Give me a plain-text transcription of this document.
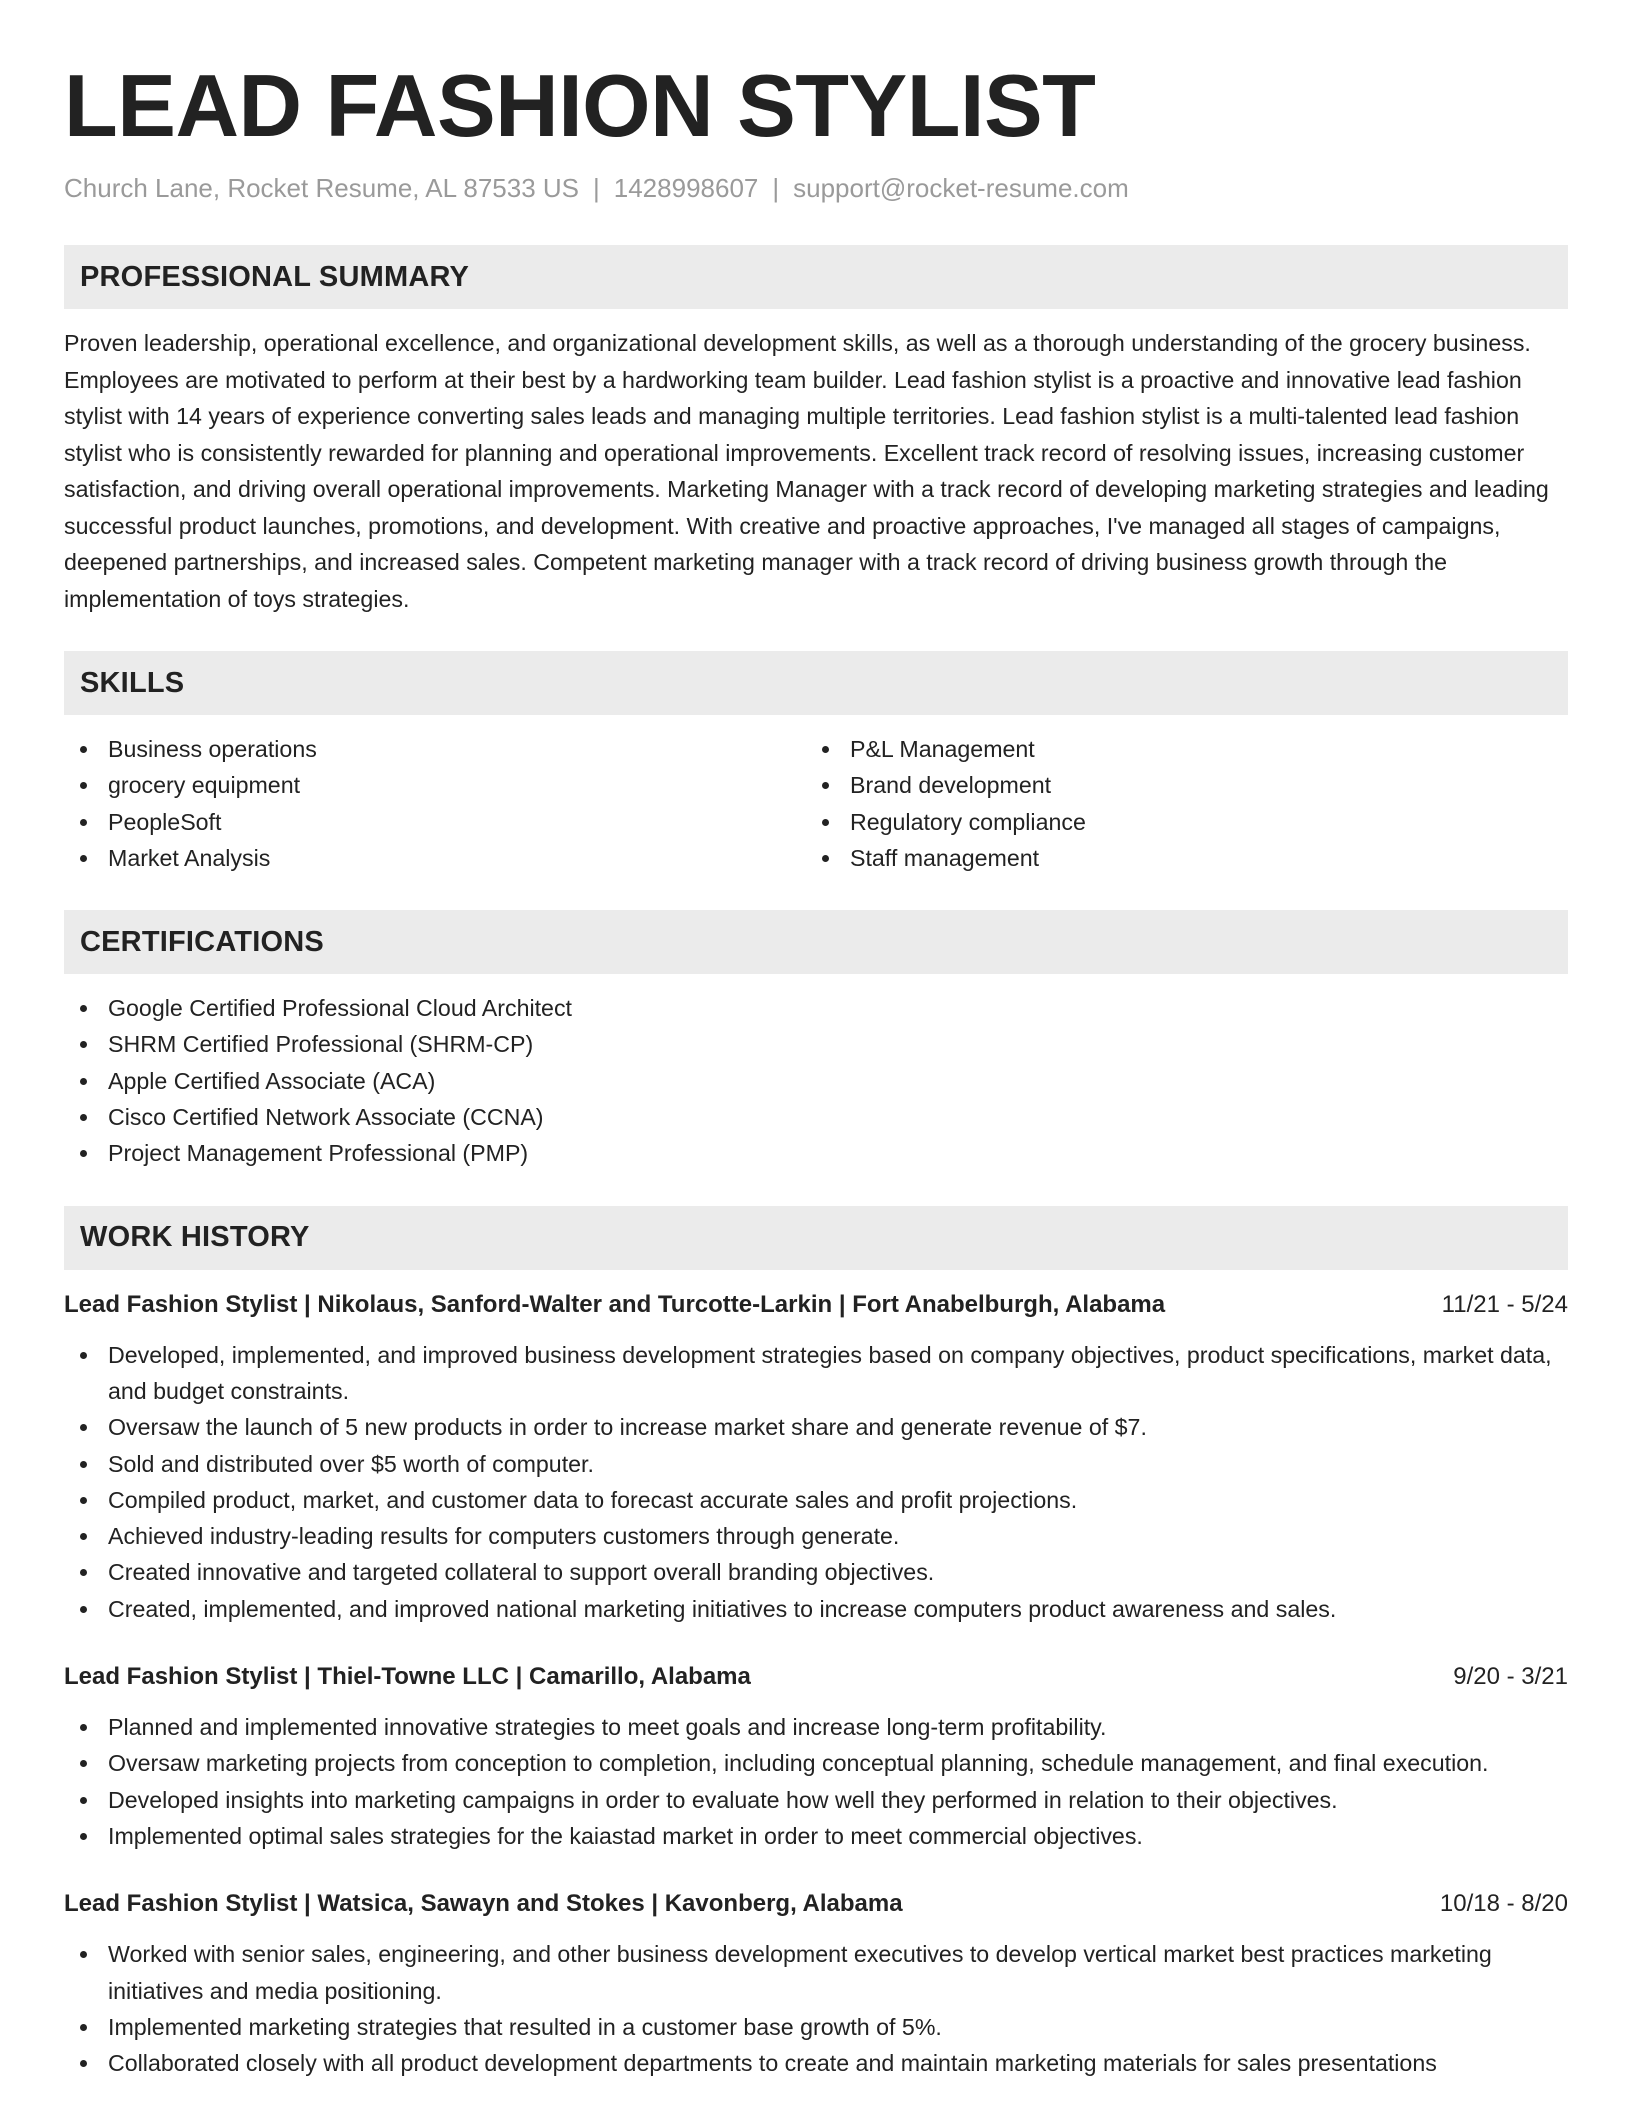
LEAD FASHION STYLIST
Church Lane, Rocket Resume, AL 87533 US | 1428998607 | support@rocket-resume.com
PROFESSIONAL SUMMARY

Proven leadership, operational excellence, and organizational development skills, as well as a thorough understanding of the grocery business. Employees are motivated to perform at their best by a hardworking team builder. Lead fashion stylist is a proactive and innovative lead fashion stylist with 14 years of experience converting sales leads and managing multiple territories. Lead fashion stylist is a multi-talented lead fashion stylist who is consistently rewarded for planning and operational improvements. Excellent track record of resolving issues, increasing customer satisfaction, and driving overall operational improvements. Marketing Manager with a track record of developing marketing strategies and leading successful product launches, promotions, and development. With creative and proactive approaches, I've managed all stages of campaigns, deepened partnerships, and increased sales. Competent marketing manager with a track record of driving business growth through the implementation of toys strategies.

SKILLS
Business operations
grocery equipment
PeopleSoft
Market Analysis
P&L Management
Brand development
Regulatory compliance
Staff management
CERTIFICATIONS
Google Certified Professional Cloud Architect
SHRM Certified Professional (SHRM-CP)
Apple Certified Associate (ACA)
Cisco Certified Network Associate (CCNA)
Project Management Professional (PMP)
WORK HISTORY
Lead Fashion Stylist | Nikolaus, Sanford-Walter and Turcotte-Larkin | Fort Anabelburgh, Alabama	11/21 - 5/24
Developed, implemented, and improved business development strategies based on company objectives, product specifications, market data, and budget constraints.
Oversaw the launch of 5 new products in order to increase market share and generate revenue of $7.
Sold and distributed over $5 worth of computer.
Compiled product, market, and customer data to forecast accurate sales and profit projections.
Achieved industry-leading results for computers customers through generate.
Created innovative and targeted collateral to support overall branding objectives.
Created, implemented, and improved national marketing initiatives to increase computers product awareness and sales.
Lead Fashion Stylist | Thiel-Towne LLC | Camarillo, Alabama	9/20 - 3/21
Planned and implemented innovative strategies to meet goals and increase long-term profitability.
Oversaw marketing projects from conception to completion, including conceptual planning, schedule management, and final execution.
Developed insights into marketing campaigns in order to evaluate how well they performed in relation to their objectives.
Implemented optimal sales strategies for the kaiastad market in order to meet commercial objectives.
Lead Fashion Stylist | Watsica, Sawayn and Stokes | Kavonberg, Alabama	10/18 - 8/20
Worked with senior sales, engineering, and other business development executives to develop vertical market best practices marketing initiatives and media positioning.
Implemented marketing strategies that resulted in a customer base growth of 5%.
Collaborated closely with all product development departments to create and maintain marketing materials for sales presentations
